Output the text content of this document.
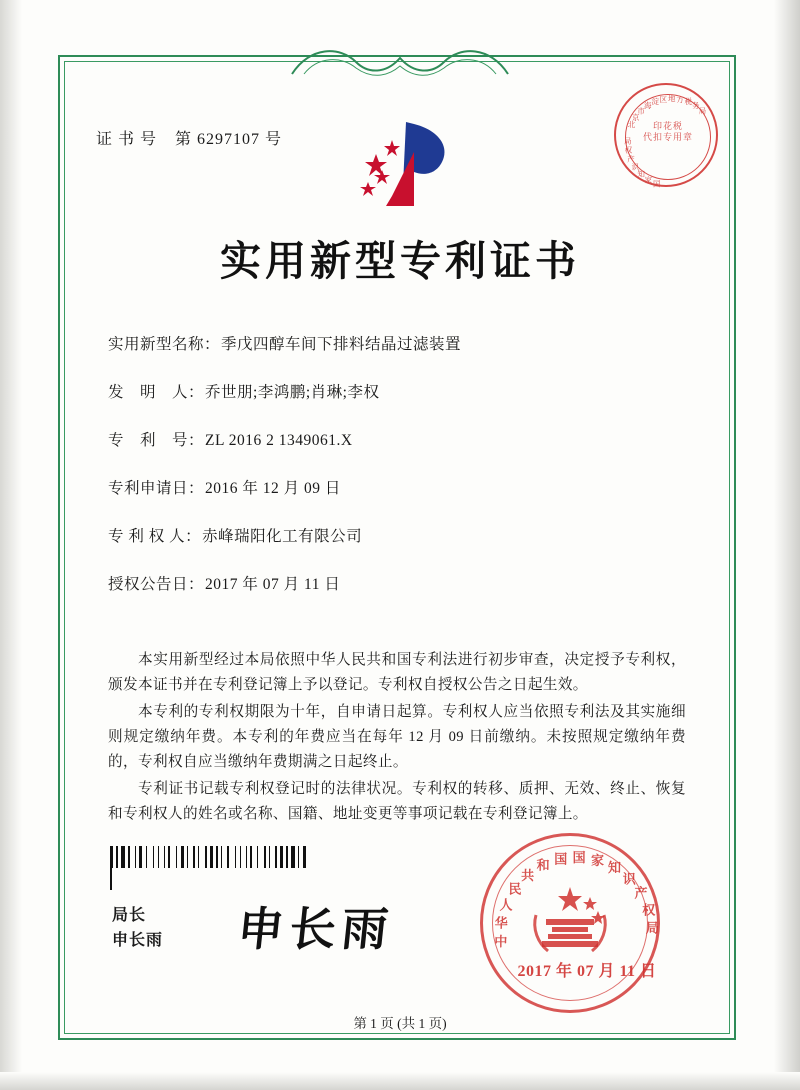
北
京
市
海 淀 区 地 方 税 务
局
国
家
知
识
产
权
局
印花税
代扣专用章
证 书 号 第 6297107 号
实用新型专利证书
实用新型名称 ： 季戊四醇车间下排料结晶过滤装置
发　明　人 ： 乔世朋;李鸿鹏;肖琳;李权
专　利　号 ： ZL 2016 2 1349061.X
专利申请日 ： 2016 年 12 月 09 日
专 利 权 人 ： 赤峰瑞阳化工有限公司
授权公告日 ： 2017 年 07 月 11 日

本实用新型经过本局依照中华人民共和国专利法进行初步审查，决定授予专利权，颁发本证书并在专利登记簿上予以登记。专利权自授权公告之日起生效。

本专利的专利权期限为十年，自申请日起算。专利权人应当依照专利法及其实施细则规定缴纳年费。本专利的年费应当在每年 12 月 09 日前缴纳。未按照规定缴纳年费的，专利权自应当缴纳年费期满之日起终止。

专利证书记载专利权登记时的法律状况。专利权的转移、质押、无效、终止、恢复和专利权人的姓名或名称、国籍、地址变更等事项记载在专利登记簿上。

局长
申长雨 申长雨	中
华
人
民
共
和 国 国 家 知
识
产
权
局
2017 年 07 月 11 日
第 1 页 (共 1 页)
